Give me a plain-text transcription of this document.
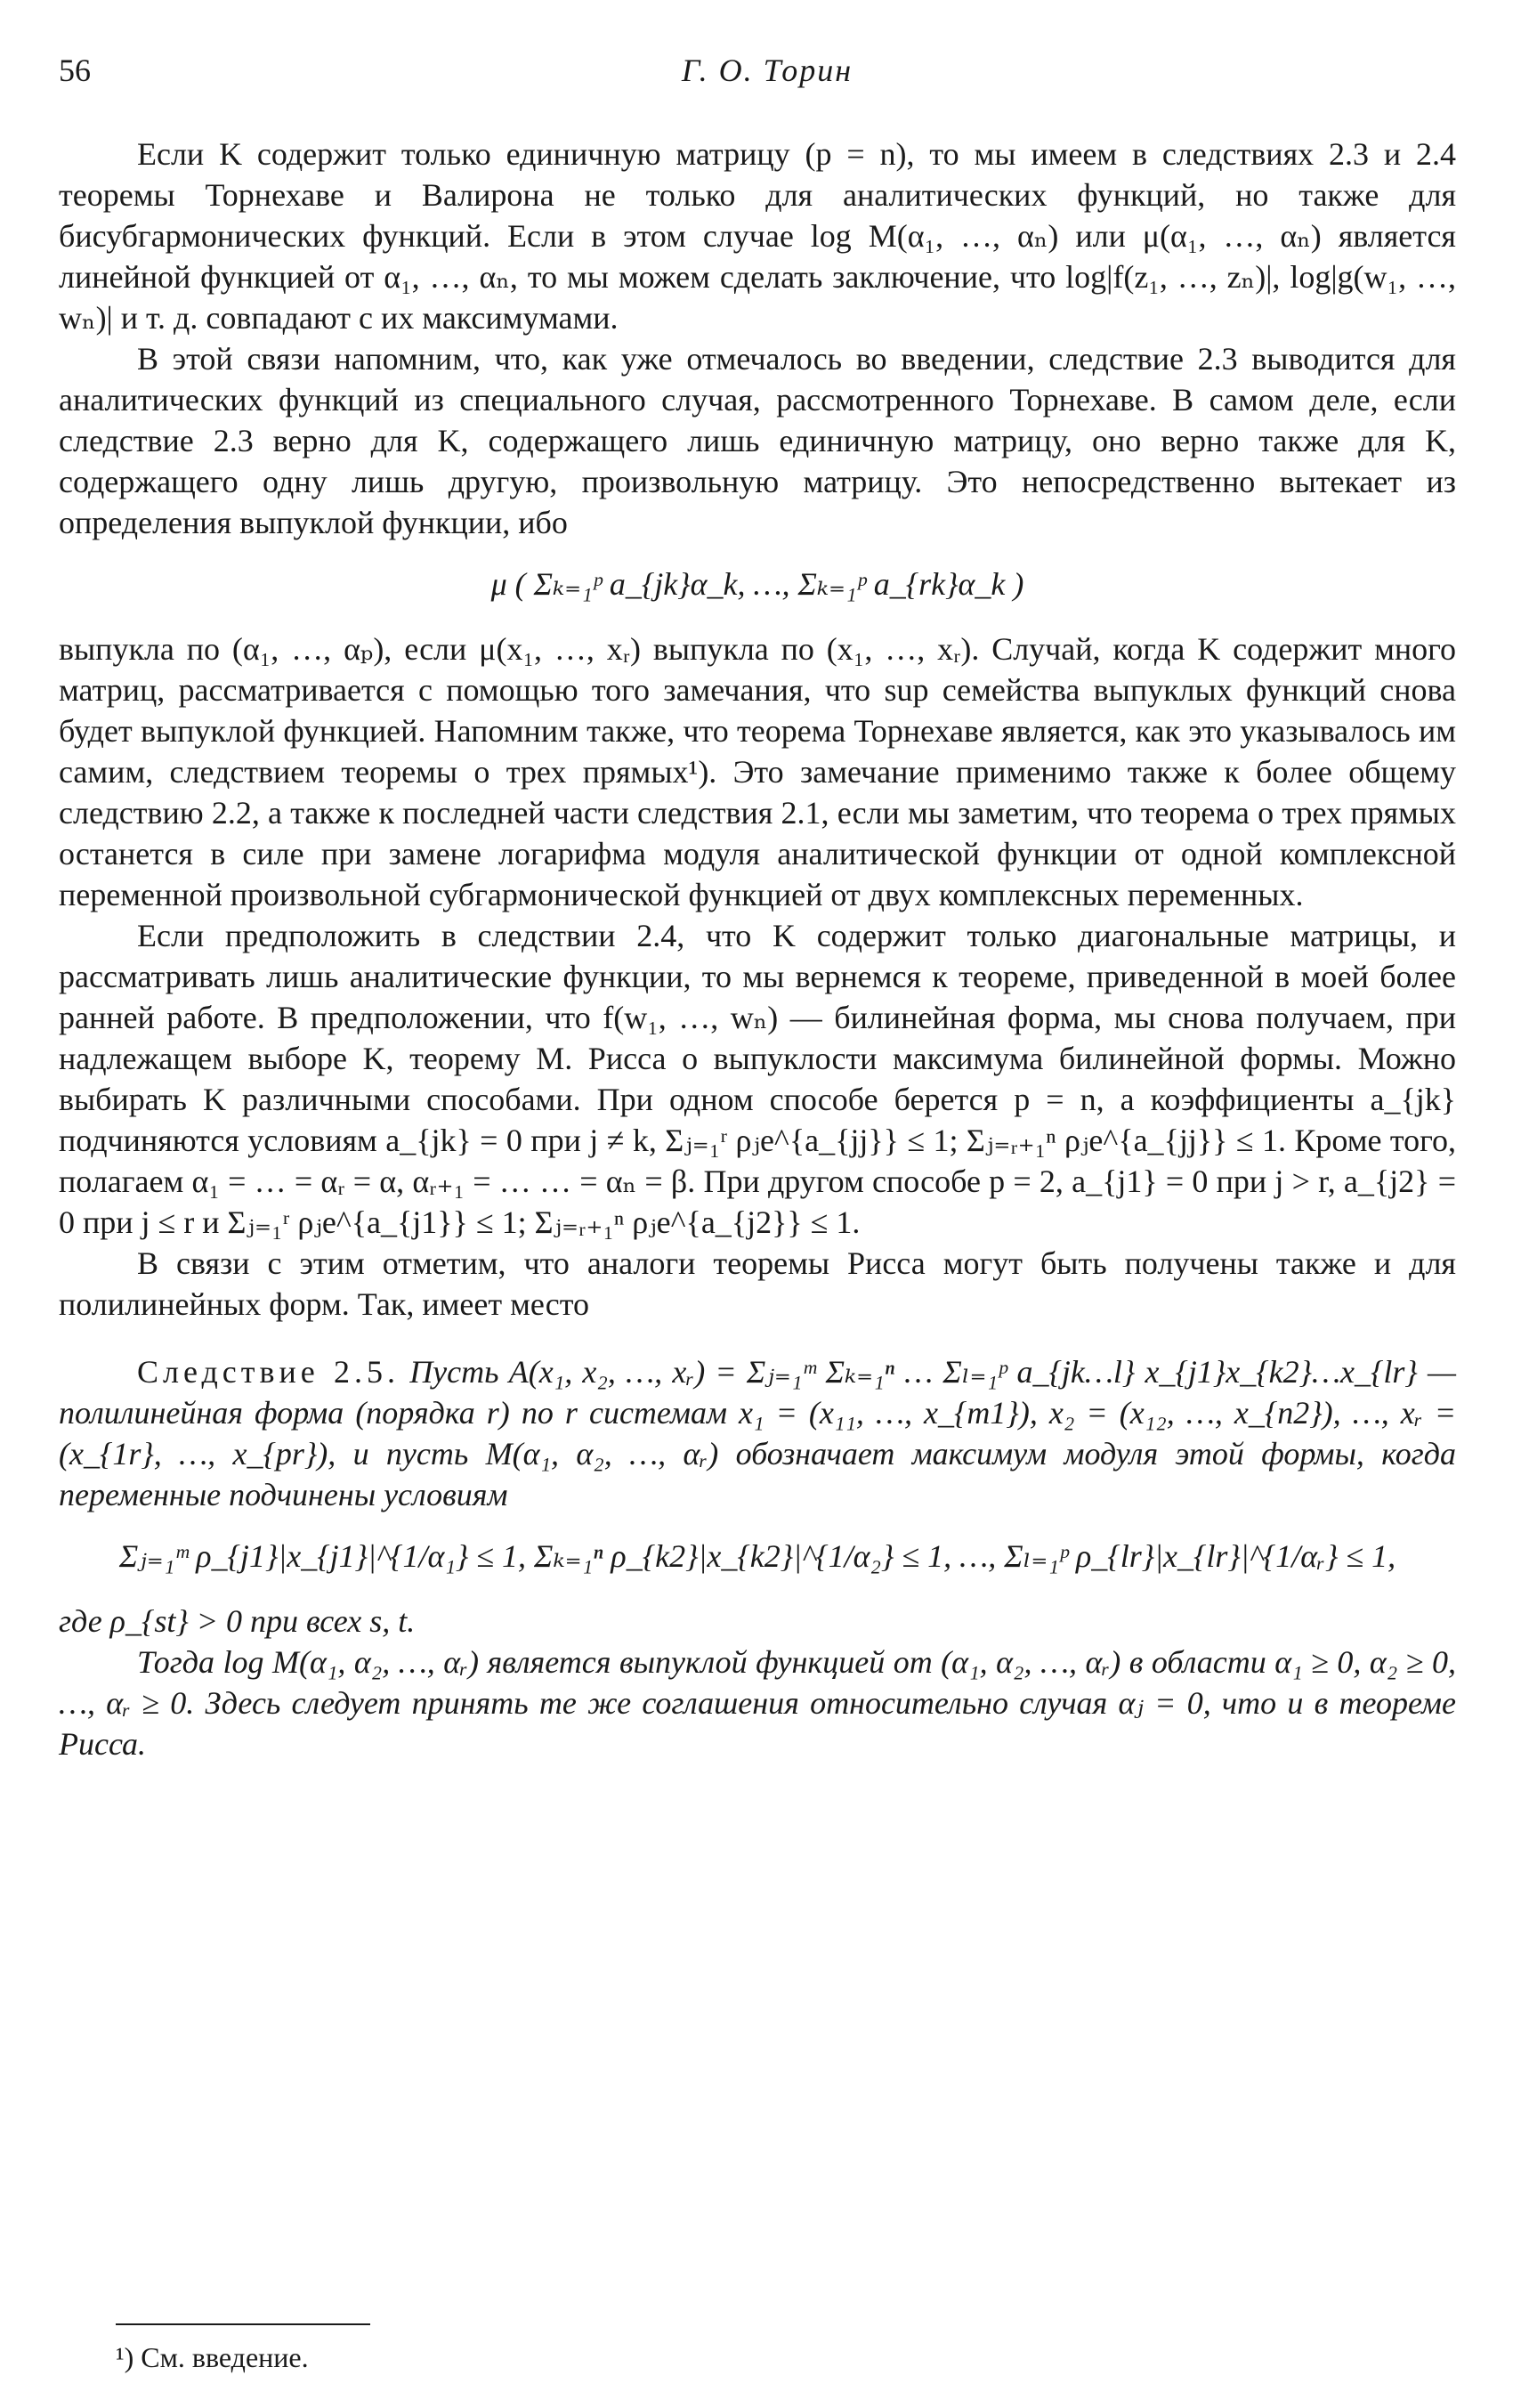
56	Г. О. Торин

Если K содержит только единичную матрицу (p = n), то мы имеем в следствиях 2.3 и 2.4 теоремы Торнехаве и Валирона не только для аналитических функций, но также для бисубгармонических функций. Если в этом случае log M(α₁, …, αₙ) или μ(α₁, …, αₙ) является линейной функцией от α₁, …, αₙ, то мы можем сделать заключение, что log|f(z₁, …, zₙ)|, log|g(w₁, …, wₙ)| и т. д. совпадают с их максимумами.

В этой связи напомним, что, как уже отмечалось во введении, следствие 2.3 выводится для аналитических функций из специального случая, рассмотренного Торнехаве. В самом деле, если следствие 2.3 верно для K, содержащего лишь единичную матрицу, оно верно также для K, содержащего одну лишь другую, произвольную матрицу. Это непосредственно вытекает из определения выпуклой функции, ибо

μ ( Σₖ₌₁ᵖ a_{jk}α_k, …, Σₖ₌₁ᵖ a_{rk}α_k )

выпукла по (α₁, …, αₚ), если μ(x₁, …, xᵣ) выпукла по (x₁, …, xᵣ). Случай, когда K содержит много матриц, рассматривается с помощью того замечания, что sup семейства выпуклых функций снова будет выпуклой функцией. Напомним также, что теорема Торнехаве является, как это указывалось им самим, следствием теоремы о трех прямых¹). Это замечание применимо также к более общему следствию 2.2, а также к последней части следствия 2.1, если мы заметим, что теорема о трех прямых останется в силе при замене логарифма модуля аналитической функции от одной комплексной переменной произвольной субгармонической функцией от двух комплексных переменных.

Если предположить в следствии 2.4, что K содержит только диагональные матрицы, и рассматривать лишь аналитические функции, то мы вернемся к теореме, приведенной в моей более ранней работе. В предположении, что f(w₁, …, wₙ) — билинейная форма, мы снова получаем, при надлежащем выборе K, теорему М. Рисса о выпуклости максимума билинейной формы. Можно выбирать K различными способами. При одном способе берется p = n, а коэффициенты a_{jk} подчиняются условиям a_{jk} = 0 при j ≠ k, Σⱼ₌₁ʳ ρⱼe^{a_{jj}} ≤ 1; Σⱼ₌ᵣ₊₁ⁿ ρⱼe^{a_{jj}} ≤ 1. Кроме того, полагаем α₁ = … = αᵣ = α, αᵣ₊₁ = … … = αₙ = β. При другом способе p = 2, a_{j1} = 0 при j > r, a_{j2} = 0 при j ≤ r и Σⱼ₌₁ʳ ρⱼe^{a_{j1}} ≤ 1; Σⱼ₌ᵣ₊₁ⁿ ρⱼe^{a_{j2}} ≤ 1.

В связи с этим отметим, что аналоги теоремы Рисса могут быть получены также и для полилинейных форм. Так, имеет место

Следствие 2.5. Пусть A(x₁, x₂, …, xᵣ) = Σⱼ₌₁ᵐ Σₖ₌₁ⁿ … Σₗ₌₁ᵖ a_{jk…l} x_{j1}x_{k2}…x_{lr} — полилинейная форма (порядка r) по r системам x₁ = (x₁₁, …, x_{m1}), x₂ = (x₁₂, …, x_{n2}), …, xᵣ = (x_{1r}, …, x_{pr}), и пусть M(α₁, α₂, …, αᵣ) обозначает максимум модуля этой формы, когда переменные подчинены условиям

Σⱼ₌₁ᵐ ρ_{j1}|x_{j1}|^{1/α₁} ≤ 1, Σₖ₌₁ⁿ ρ_{k2}|x_{k2}|^{1/α₂} ≤ 1, …, Σₗ₌₁ᵖ ρ_{lr}|x_{lr}|^{1/αᵣ} ≤ 1,

где ρ_{st} > 0 при всех s, t.

Тогда log M(α₁, α₂, …, αᵣ) является выпуклой функцией от (α₁, α₂, …, αᵣ) в области α₁ ≥ 0, α₂ ≥ 0, …, αᵣ ≥ 0. Здесь следует принять те же соглашения относительно случая αⱼ = 0, что и в теореме Рисса.

¹) См. введение.
